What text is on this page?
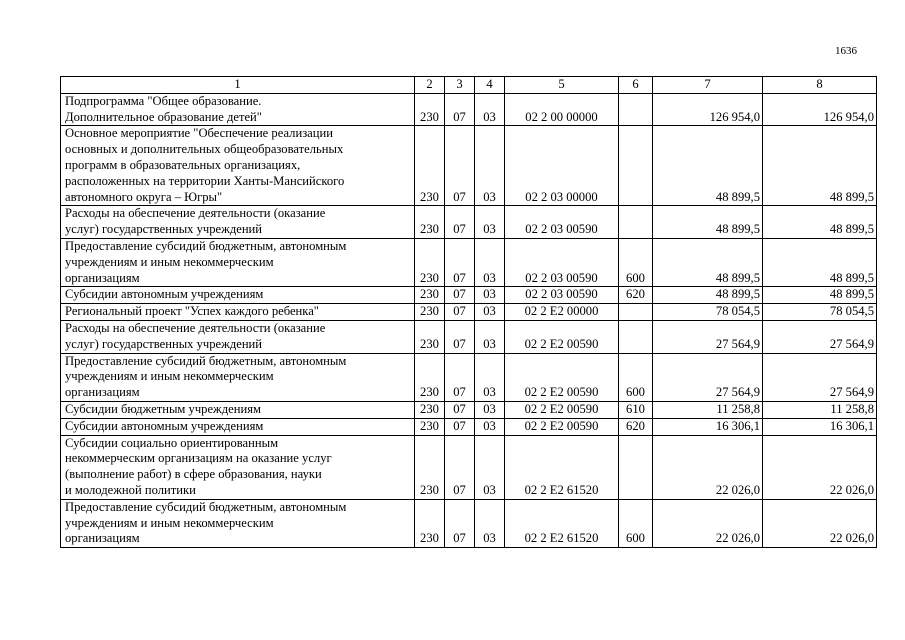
1636
1	2	3	4	5	6	7	8
Подпрограмма "Общее образование.
Дополнительное образование детей"	230	07	03	02 2 00 00000		126 954,0	126 954,0
Основное мероприятие "Обеспечение реализации
основных и дополнительных общеобразовательных
программ в образовательных организациях,
расположенных на территории Ханты-Мансийского
автономного округа – Югры"	230	07	03	02 2 03 00000		48 899,5	48 899,5
Расходы на обеспечение деятельности (оказание
услуг) государственных учреждений	230	07	03	02 2 03 00590		48 899,5	48 899,5
Предоставление субсидий бюджетным, автономным
учреждениям и иным некоммерческим
организациям	230	07	03	02 2 03 00590	600	48 899,5	48 899,5
Субсидии автономным учреждениям	230	07	03	02 2 03 00590	620	48 899,5	48 899,5
Региональный проект "Успех каждого ребенка"	230	07	03	02 2 E2 00000		78 054,5	78 054,5
Расходы на обеспечение деятельности (оказание
услуг) государственных учреждений	230	07	03	02 2 E2 00590		27 564,9	27 564,9
Предоставление субсидий бюджетным, автономным
учреждениям и иным некоммерческим
организациям	230	07	03	02 2 E2 00590	600	27 564,9	27 564,9
Субсидии бюджетным учреждениям	230	07	03	02 2 E2 00590	610	11 258,8	11 258,8
Субсидии автономным учреждениям	230	07	03	02 2 E2 00590	620	16 306,1	16 306,1
Субсидии социально ориентированным
некоммерческим организациям на оказание услуг
(выполнение работ) в сфере образования, науки
и молодежной политики	230	07	03	02 2 E2 61520		22 026,0	22 026,0
Предоставление субсидий бюджетным, автономным
учреждениям и иным некоммерческим
организациям	230	07	03	02 2 E2 61520	600	22 026,0	22 026,0
